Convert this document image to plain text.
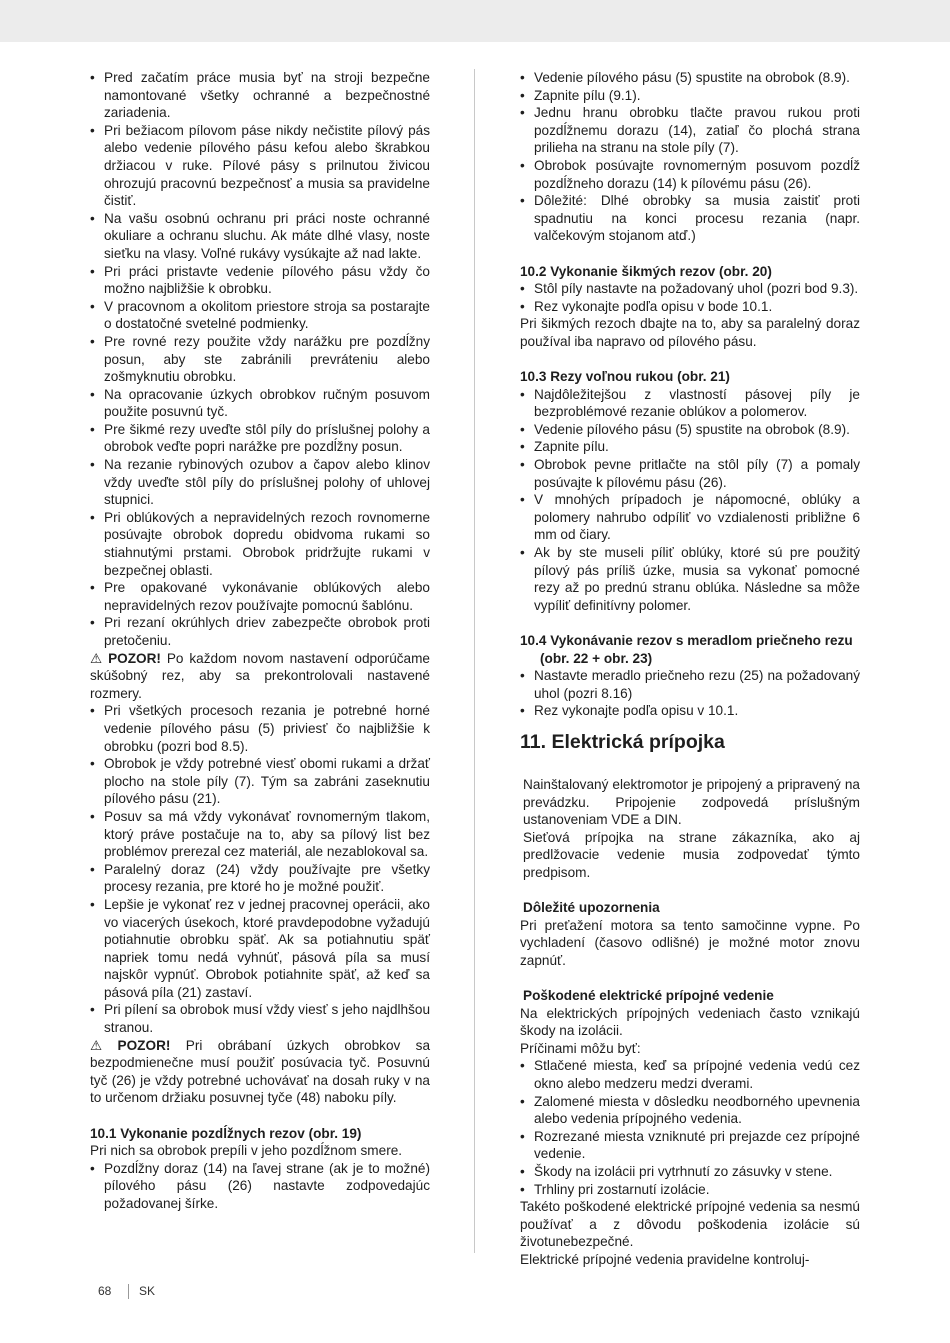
• Pred začatím práce musia byť na stroji bezpečne namontované všetky ochranné a bezpečnostné zariadenia.
• Pri bežiacom pílovom páse nikdy nečistite pílový pás alebo vedenie pílového pásu kefou alebo škrabkou držiacou v ruke. Pílové pásy s prilnutou živicou ohrozujú pracovnú bezpečnosť a musia sa pravidelne čistiť.
• Na vašu osobnú ochranu pri práci noste ochranné okuliare a ochranu sluchu. Ak máte dlhé vlasy, noste sieťku na vlasy. Voľné rukávy vysúkajte až nad lakte.
• Pri práci pristavte vedenie pílového pásu vždy čo možno najbližšie k obrobku.
• V pracovnom a okolitom priestore stroja sa postarajte o dostatočné svetelné podmienky.
• Pre rovné rezy použite vždy narážku pre pozdĺžny posun, aby ste zabránili prevráteniu alebo zošmyknutiu obrobku.
• Na opracovanie úzkych obrobkov ručným posuvom použite posuvnú tyč.
• Pre šikmé rezy uveďte stôl píly do príslušnej polohy a obrobok veďte popri narážke pre pozdĺžny posun.
• Na rezanie rybinových ozubov a čapov alebo klinov vždy uveďte stôl píly do príslušnej polohy of uhlovej stupnici.
• Pri oblúkových a nepravidelných rezoch rovnomerne posúvajte obrobok dopredu obidvoma rukami so stiahnutými prstami. Obrobok pridržujte rukami v bezpečnej oblasti.
• Pre opakované vykonávanie oblúkových alebo nepravidelných rezov používajte pomocnú šablónu.
• Pri rezaní okrúhlych driev zabezpečte obrobok proti pretočeniu.

⚠ POZOR! Po každom novom nastavení odporúčame skúšobný rez, aby sa prekontrolovali nastavené rozmery.

• Pri všetkých procesoch rezania je potrebné horné vedenie pílového pásu (5) priviesť čo najbližšie k obrobku (pozri bod 8.5).
• Obrobok je vždy potrebné viesť obomi rukami a držať plocho na stole píly (7). Tým sa zabráni zaseknutiu pílového pásu (21).
• Posuv sa má vždy vykonávať rovnomerným tlakom, ktorý práve postačuje na to, aby sa pílový list bez problémov prerezal cez materiál, ale nezablokoval sa.
• Paralelný doraz (24) vždy používajte pre všetky procesy rezania, pre ktoré ho je možné použiť.
• Lepšie je vykonať rez v jednej pracovnej operácii, ako vo viacerých úsekoch, ktoré pravdepodobne vyžadujú potiahnutie obrobku späť. Ak sa potiahnutiu späť napriek tomu nedá vyhnúť, pásová píla sa musí najskôr vypnúť. Obrobok potiahnite späť, až keď sa pásová píla (21) zastaví.
• Pri pílení sa obrobok musí vždy viesť s jeho najdlhšou stranou.

⚠ POZOR! Pri obrábaní úzkych obrobkov sa bezpodmienečne musí použiť posúvacia tyč. Posuvnú tyč (26) je vždy potrebné uchovávať na dosah ruky v na to určenom držiaku posuvnej tyče (48) naboku píly.

10.1 Vykonanie pozdĺžnych rezov (obr. 19)

Pri nich sa obrobok prepíli v jeho pozdĺžnom smere.

• Pozdĺžny doraz (14) na ľavej strane (ak je to možné) pílového pásu (26) nastavte zodpovedajúc požadovanej šírke.
• Vedenie pílového pásu (5) spustite na obrobok (8.9).
• Zapnite pílu (9.1).
• Jednu hranu obrobku tlačte pravou rukou proti pozdĺžnemu dorazu (14), zatiaľ čo plochá strana prilieha na stranu na stole píly (7).
• Obrobok posúvajte rovnomerným posuvom pozdĺž pozdĺžneho dorazu (14) k pílovému pásu (26).
• Dôležité: Dlhé obrobky sa musia zaistiť proti spadnutiu na konci procesu rezania (napr. valčekovým stojanom atď.)
10.2 Vykonanie šikmých rezov (obr. 20)
• Stôl píly nastavte na požadovaný uhol (pozri bod 9.3).
• Rez vykonajte podľa opisu v bode 10.1.

Pri šikmých rezoch dbajte na to, aby sa paralelný doraz používal iba napravo od pílového pásu.

10.3 Rezy voľnou rukou (obr. 21)
• Najdôležitejšou z vlastností pásovej píly je bezproblémové rezanie oblúkov a polomerov.
• Vedenie pílového pásu (5) spustite na obrobok (8.9).
• Zapnite pílu.
• Obrobok pevne pritlačte na stôl píly (7) a pomaly posúvajte k pílovému pásu (26).
• V mnohých prípadoch je nápomocné, oblúky a polomery nahrubo odpíliť vo vzdialenosti približne 6 mm od čiary.
• Ak by ste museli píliť oblúky, ktoré sú pre použitý pílový pás príliš úzke, musia sa vykonať pomocné rezy až po prednú stranu oblúka. Následne sa môže vypíliť definitívny polomer.
10.4 Vykonávanie rezov s meradlom priečneho rezu (obr. 22 + obr. 23)
• Nastavte meradlo priečneho rezu (25) na požadovaný uhol (pozri 8.16)
• Rez vykonajte podľa opisu v 10.1.
11. Elektrická prípojka

Nainštalovaný elektromotor je pripojený a pripravený na prevádzku. Pripojenie zodpovedá príslušným ustanoveniam VDE a DIN.

Sieťová prípojka na strane zákazníka, ako aj predlžovacie vedenie musia zodpovedať týmto predpisom.

Dôležité upozornenia

Pri preťažení motora sa tento samočinne vypne. Po vychladení (časovo odlišné) je možné motor znovu zapnúť.

Poškodené elektrické prípojné vedenie

Na elektrických prípojných vedeniach často vznikajú škody na izolácii.

Príčinami môžu byť:

• Stlačené miesta, keď sa prípojné vedenia vedú cez okno alebo medzeru medzi dverami.
• Zalomené miesta v dôsledku neodborného upevnenia alebo vedenia prípojného vedenia.
• Rozrezané miesta vzniknuté pri prejazde cez prípojné vedenie.
• Škody na izolácii pri vytrhnutí zo zásuvky v stene.
• Trhliny pri zostarnutí izolácie.

Takéto poškodené elektrické prípojné vedenia sa nesmú používať a z dôvodu poškodenia izolácie sú životunebezpečné.

Elektrické prípojné vedenia pravidelne kontroluj-

68 SK
